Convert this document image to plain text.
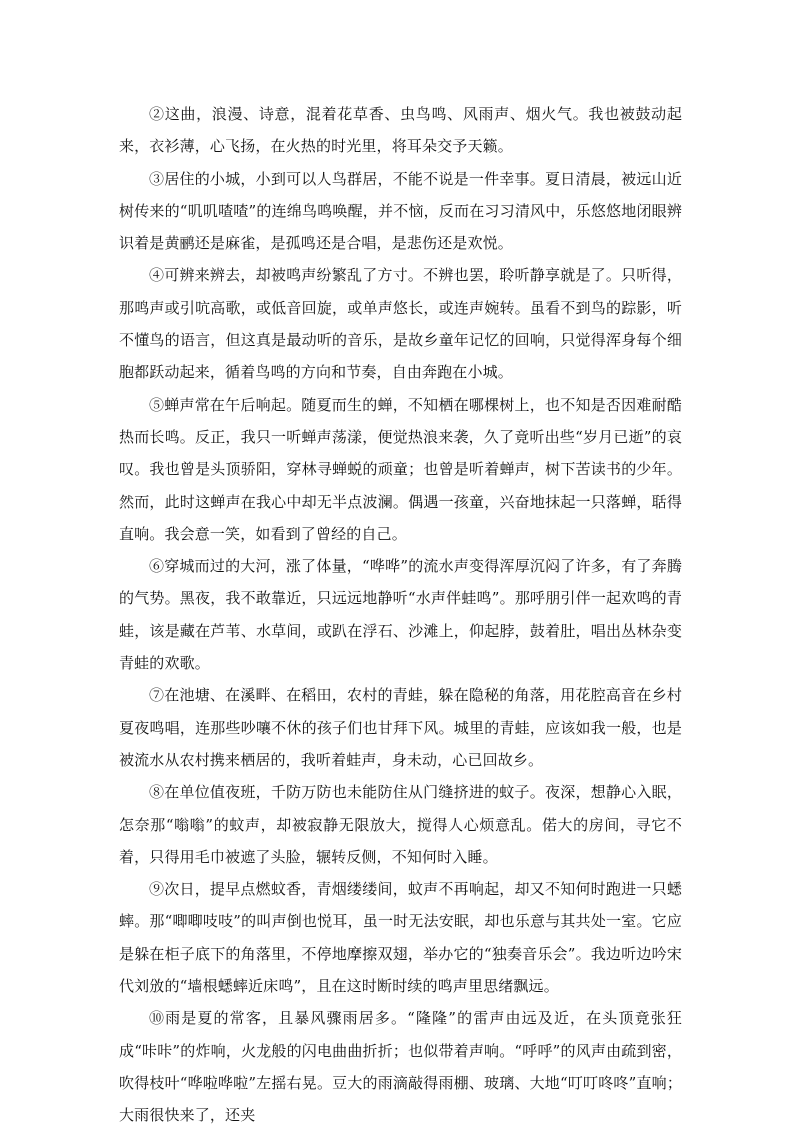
②这曲，浪漫、诗意，混着花草香、虫鸟鸣、风雨声、烟火气。我也被鼓动起来，衣衫薄，心飞扬，在火热的时光里，将耳朵交予天籁。

③居住的小城，小到可以人鸟群居，不能不说是一件幸事。夏日清晨，被远山近树传来的“叽叽喳喳”的连绵鸟鸣唤醒，并不恼，反而在习习清风中，乐悠悠地闭眼辨识着是黄鹂还是麻雀，是孤鸣还是合唱，是悲伤还是欢悦。

④可辨来辨去，却被鸣声纷繁乱了方寸。不辨也罢，聆听静享就是了。只听得，那鸣声或引吭高歌，或低音回旋，或单声悠长，或连声婉转。虽看不到鸟的踪影，听不懂鸟的语言，但这真是最动听的音乐，是故乡童年记忆的回响，只觉得浑身每个细胞都跃动起来，循着鸟鸣的方向和节奏，自由奔跑在小城。

⑤蝉声常在午后响起。随夏而生的蝉，不知栖在哪棵树上，也不知是否因难耐酷热而长鸣。反正，我只一听蝉声荡漾，便觉热浪来袭，久了竟听出些“岁月已逝”的哀叹。我也曾是头顶骄阳，穿林寻蝉蜕的顽童；也曾是听着蝉声，树下苦读书的少年。然而，此时这蝉声在我心中却无半点波澜。偶遇一孩童，兴奋地抹起一只落蝉，聒得直响。我会意一笑，如看到了曾经的自己。

⑥穿城而过的大河，涨了体量，“哗哗”的流水声变得浑厚沉闷了许多，有了奔腾的气势。黑夜，我不敢靠近，只远远地静听“水声伴蛙鸣”。那呼朋引伴一起欢鸣的青蛙，该是藏在芦苇、水草间，或趴在浮石、沙滩上，仰起脖，鼓着肚，唱出丛林杂变青蛙的欢歌。

⑦在池塘、在溪畔、在稻田，农村的青蛙，躲在隐秘的角落，用花腔高音在乡村夏夜鸣唱，连那些吵嚷不休的孩子们也甘拜下风。城里的青蛙，应该如我一般，也是被流水从农村携来栖居的，我听着蛙声，身未动，心已回故乡。

⑧在单位值夜班，千防万防也未能防住从门缝挤进的蚊子。夜深，想静心入眠，怎奈那“嗡嗡”的蚊声，却被寂静无限放大，搅得人心烦意乱。偌大的房间，寻它不着，只得用毛巾被遮了头脸，辗转反侧，不知何时入睡。

⑨次日，提早点燃蚊香，青烟缕缕间，蚊声不再响起，却又不知何时跑进一只蟋蟀。那“唧唧吱吱”的叫声倒也悦耳，虽一时无法安眠，却也乐意与其共处一室。它应是躲在柜子底下的角落里，不停地摩擦双翅，举办它的“独奏音乐会”。我边听边吟宋代刘攽的“墙根蟋蟀近床鸣”，且在这时断时续的鸣声里思绪飘远。

⑩雨是夏的常客，且暴风骤雨居多。“隆隆”的雷声由远及近，在头顶竟张狂成“咔咔”的炸响，火龙般的闪电曲曲折折；也似带着声响。“呼呼”的风声由疏到密，吹得枝叶“哗啦哗啦”左摇右晃。豆大的雨滴敲得雨棚、玻璃、大地“叮叮咚咚”直响；大雨很快来了，还夹
